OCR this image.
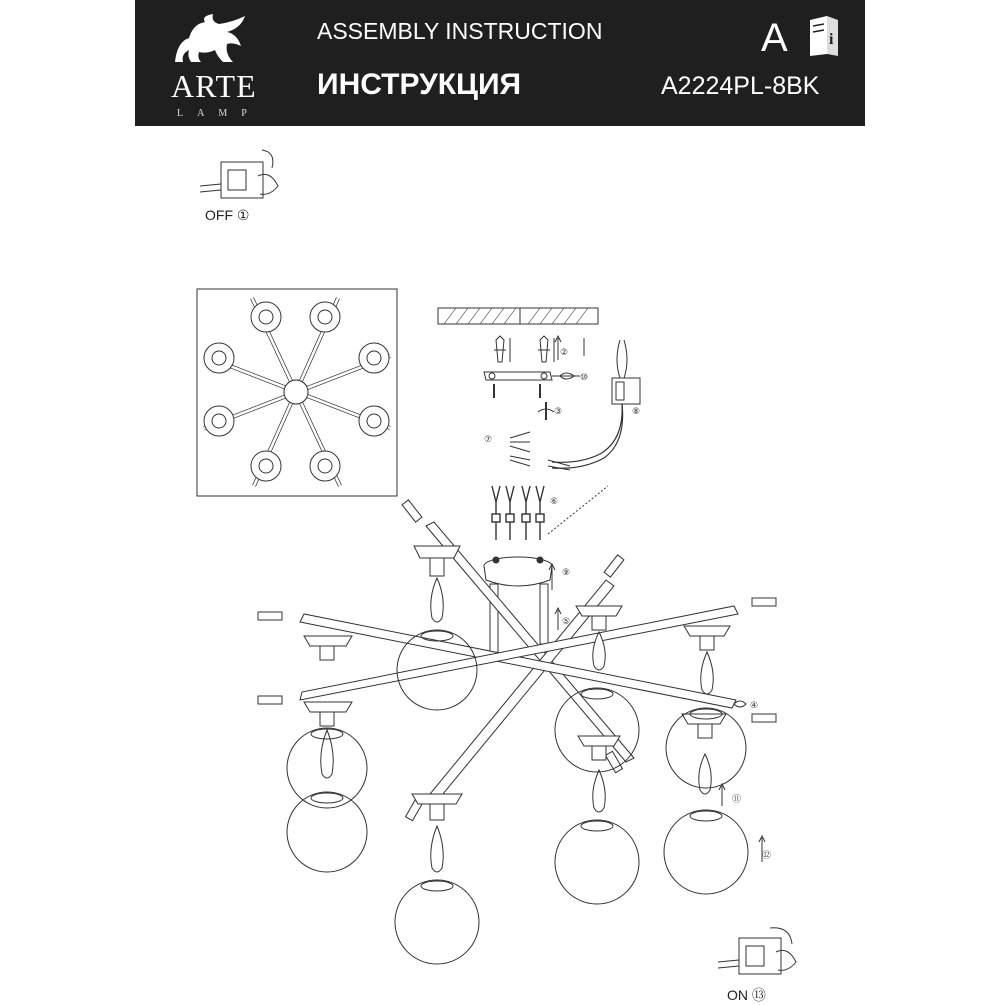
ARTE
LAMP
ASSEMBLY INSTRUCTION
ИНСТРУКЦИЯ
A	i
A2224PL-8BK
OFF ①
ON ⑬
②
⑩
③	⑧
⑦
⑥
⑨
⑤
④
⑪
⑫
